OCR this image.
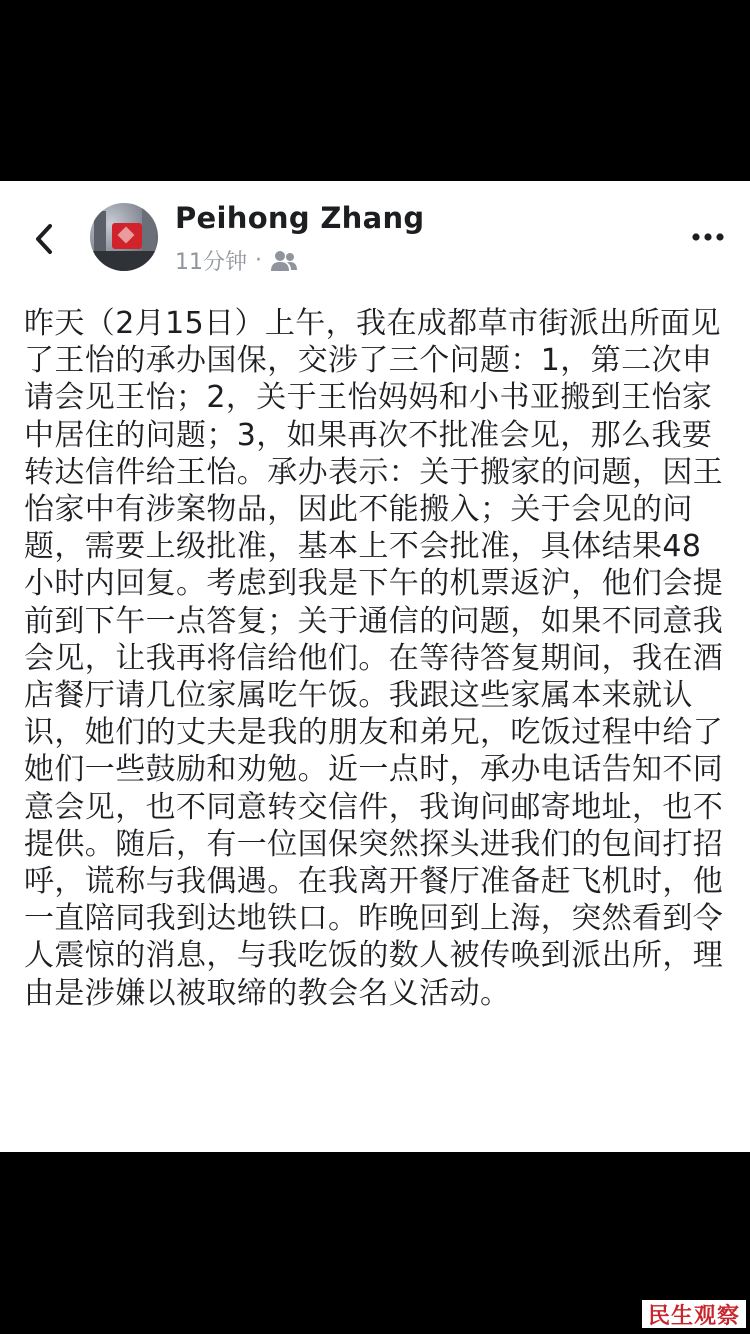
Peihong Zhang
11分钟 ·

昨天（2月15日）上午，我在成都草市街派出所面见了王怡的承办国保，交涉了三个问题：1，第二次申请会见王怡；2，关于王怡妈妈和小书亚搬到王怡家中居住的问题；3，如果再次不批准会见，那么我要转达信件给王怡。承办表示：关于搬家的问题，因王怡家中有涉案物品，因此不能搬入；关于会见的问题，需要上级批准，基本上不会批准，具体结果48小时内回复。考虑到我是下午的机票返沪，他们会提前到下午一点答复；关于通信的问题，如果不同意我会见，让我再将信给他们。在等待答复期间，我在酒店餐厅请几位家属吃午饭。我跟这些家属本来就认识，她们的丈夫是我的朋友和弟兄，吃饭过程中给了她们一些鼓励和劝勉。近一点时，承办电话告知不同意会见，也不同意转交信件，我询问邮寄地址，也不提供。随后，有一位国保突然探头进我们的包间打招呼，谎称与我偶遇。在我离开餐厅准备赶飞机时，他一直陪同我到达地铁口。昨晚回到上海，突然看到令人震惊的消息，与我吃饭的数人被传唤到派出所，理由是涉嫌以被取缔的教会名义活动。

民生观察
